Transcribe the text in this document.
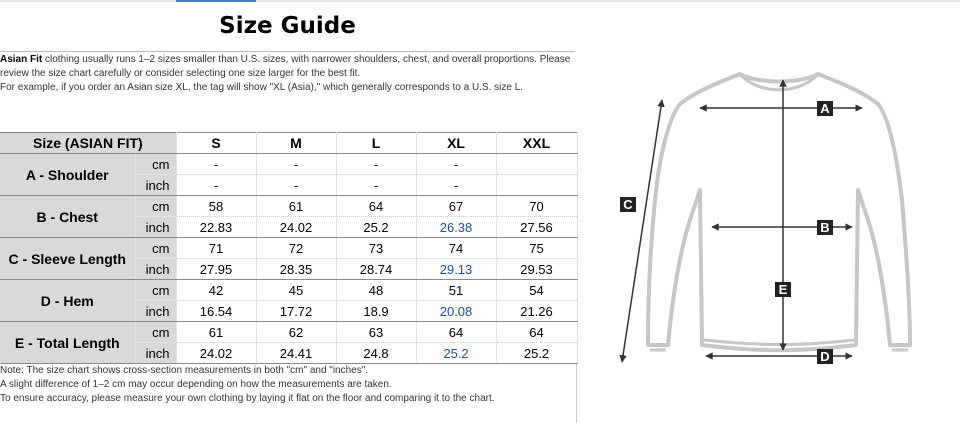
Size Guide

Asian Fit clothing usually runs 1–2 sizes smaller than U.S. sizes, with narrower shoulders, chest, and overall proportions. Please

review the size chart carefully or consider selecting one size larger for the best fit.

For example, if you order an Asian size XL, the tag will show "XL (Asia)," which generally corresponds to a U.S. size L.

Size (ASIAN FIT)		S	M	L	XL	XXL
A - Shoulder	cm	-	-	-	-	
	inch	-	-	-	-	
B - Chest	cm	58	61	64	67	70
	inch	22.83	24.02	25.2	26.38	27.56
C - Sleeve Length	cm	71	72	73	74	75
	inch	27.95	28.35	28.74	29.13	29.53
D - Hem	cm	42	45	48	51	54
	inch	16.54	17.72	18.9	20.08	21.26
E - Total Length	cm	61	62	63	64	64
	inch	24.02	24.41	24.8	25.2	25.2

Note: The size chart shows cross-section measurements in both "cm" and "inches".

A slight difference of 1–2 cm may occur depending on how the measurements are taken.

To ensure accuracy, please measure your own clothing by laying it flat on the floor and comparing it to the chart.

A
B
C
D
E
